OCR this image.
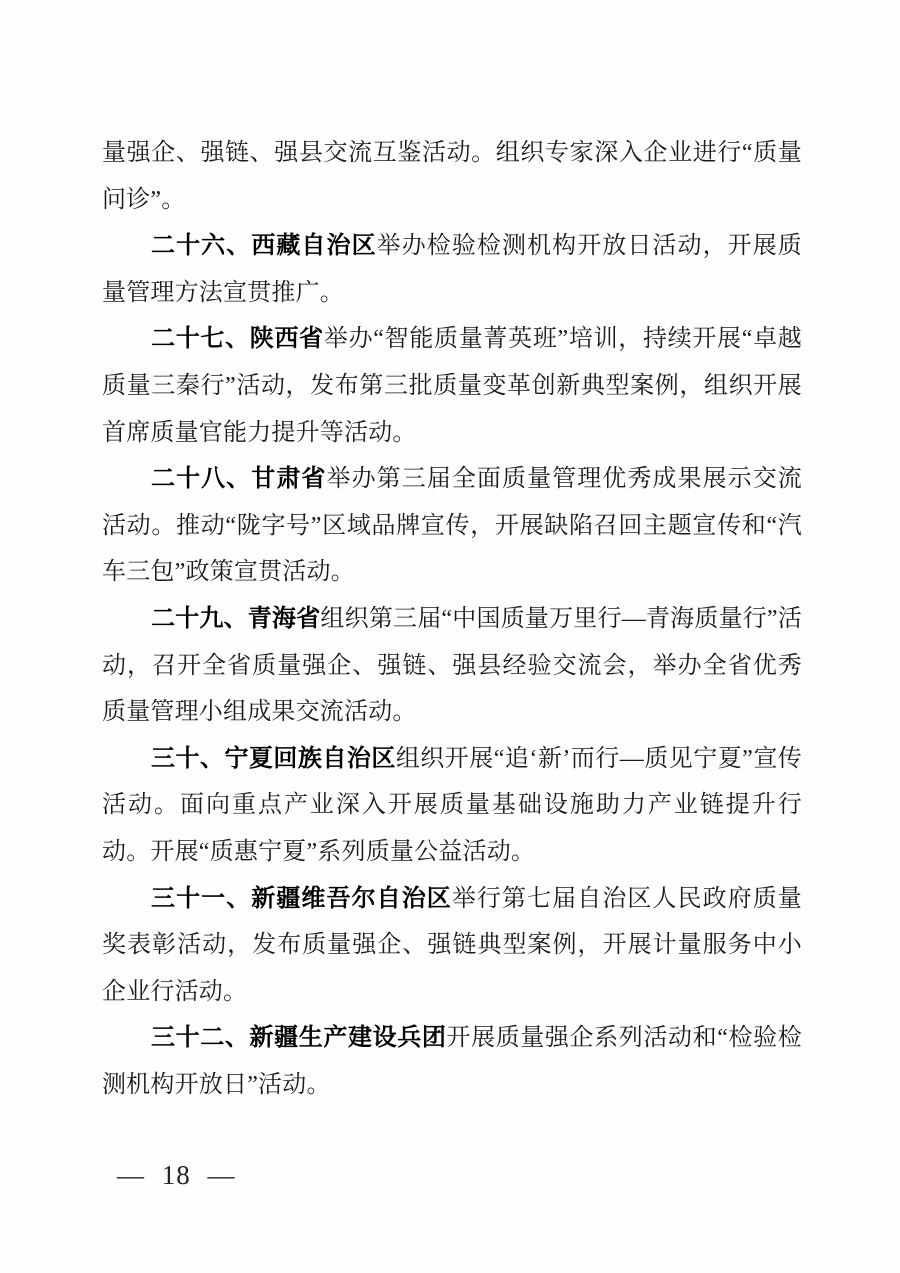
量强企、强链、强县交流互鉴活动。组织专家深入企业进行“质量问诊”。

二十六、西藏自治区举办检验检测机构开放日活动，开展质量管理方法宣贯推广。

二十七、陕西省举办“智能质量菁英班”培训，持续开展“卓越质量三秦行”活动，发布第三批质量变革创新典型案例，组织开展首席质量官能力提升等活动。

二十八、甘肃省举办第三届全面质量管理优秀成果展示交流活动。推动“陇字号”区域品牌宣传，开展缺陷召回主题宣传和“汽车三包”政策宣贯活动。

二十九、青海省组织第三届“中国质量万里行—青海质量行”活动，召开全省质量强企、强链、强县经验交流会，举办全省优秀质量管理小组成果交流活动。

三十、宁夏回族自治区组织开展“追‘新’而行—质见宁夏”宣传活动。面向重点产业深入开展质量基础设施助力产业链提升行动。开展“质惠宁夏”系列质量公益活动。

三十一、新疆维吾尔自治区举行第七届自治区人民政府质量奖表彰活动，发布质量强企、强链典型案例，开展计量服务中小企业行活动。

三十二、新疆生产建设兵团开展质量强企系列活动和“检验检测机构开放日”活动。

— 18 —
